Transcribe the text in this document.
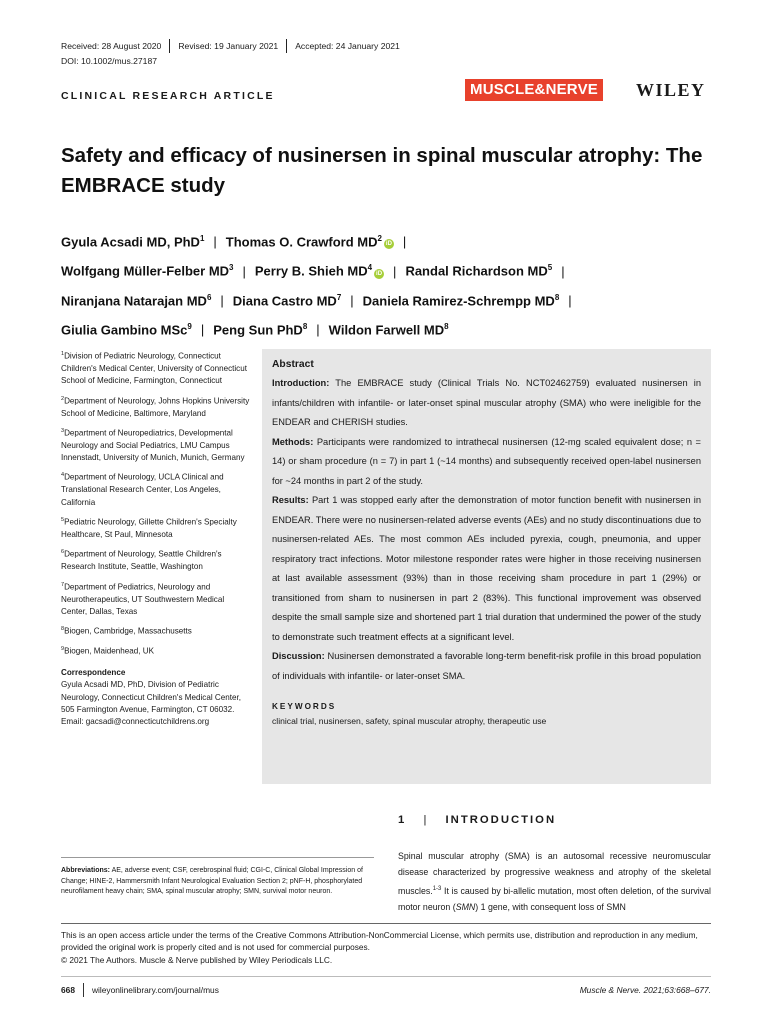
Received: 28 August 2020 Revised: 19 January 2021 Accepted: 24 January 2021
DOI: 10.1002/mus.27187
CLINICAL RESEARCH ARTICLE	MUSCLE&NERVE WILEY
Safety and efficacy of nusinersen in spinal muscular atrophy: The EMBRACE study
Gyula Acsadi MD, PhD$^1$ | Thomas O. Crawford $MD^2iD$ |
Wolfgang Müller-Felber $MD^3$ | Perry B. Shieh $MD^4iD$ | Randal Richardson $MD^5$ |
Niranjana Natarajan $MD^6$ | Diana Castro $MD^7$ | Daniela Ramirez-Schrempp $MD^8$ |
Giulia Gambino MSc$^9$ | Peng Sun PhD$^8$ | Wildon Farwell $MD^8$

$^1$Division of Pediatric Neurology, Connecticut Children's Medical Center, University of Connecticut School of Medicine, Farmington, Connecticut

$^2$Department of Neurology, Johns Hopkins University School of Medicine, Baltimore, Maryland

$^3$Department of Neuropediatrics, Developmental Neurology and Social Pediatrics, LMU Campus Innenstadt, University of Munich, Munich, Germany

$^4$Department of Neurology, UCLA Clinical and Translational Research Center, Los Angeles, California

$^5$Pediatric Neurology, Gillette Children's Specialty Healthcare, St Paul, Minnesota

$^6$Department of Neurology, Seattle Children's Research Institute, Seattle, Washington

$^7$Department of Pediatrics, Neurology and Neurotherapeutics, UT Southwestern Medical Center, Dallas, Texas

$^8$Biogen, Cambridge, Massachusetts

$^9$Biogen, Maidenhead, UK

Correspondence
Gyula Acsadi MD, PhD, Division of Pediatric Neurology, Connecticut Children's Medical Center, 505 Farmington Avenue, Farmington, CT 06032.
Email: gacsadi@connecticutchildrens.org
Abstract

Introduction: The EMBRACE study (Clinical Trials No. NCT02462759) evaluated nusinersen in infants/children with infantile- or later-onset spinal muscular atrophy (SMA) who were ineligible for the ENDEAR and CHERISH studies.

Methods: Participants were randomized to intrathecal nusinersen (12-mg scaled equivalent dose; n = 14) or sham procedure (n = 7) in part 1 (~14 months) and subsequently received open-label nusinersen for ~24 months in part 2 of the study.

Results: Part 1 was stopped early after the demonstration of motor function benefit with nusinersen in ENDEAR. There were no nusinersen-related adverse events (AEs) and no study discontinuations due to nusinersen-related AEs. The most common AEs included pyrexia, cough, pneumonia, and upper respiratory tract infections. Motor milestone responder rates were higher in those receiving nusinersen at last available assessment (93%) than in those receiving sham procedure in part 1 (29%) or transitioned from sham to nusinersen in part 2 (83%). This functional improvement was observed despite the small sample size and shortened part 1 trial duration that undermined the power of the study to demonstrate such treatment effects at a significant level.

Discussion: Nusinersen demonstrated a favorable long-term benefit-risk profile in this broad population of individuals with infantile- or later-onset SMA.

KEYWORDS
clinical trial, nusinersen, safety, spinal muscular atrophy, therapeutic use
1 | INTRODUCTION
Spinal muscular atrophy (SMA) is an autosomal recessive neuromuscular disease characterized by progressive weakness and atrophy of the skeletal muscles.$^{1-3}$ It is caused by bi-allelic mutation, most often deletion, of the survival motor neuron (SMN) 1 gene, with consequent loss of SMN
Abbreviations: AE, adverse event; CSF, cerebrospinal fluid; CGI-C, Clinical Global Impression of Change; HINE-2, Hammersmith Infant Neurological Evaluation Section 2; pNF-H, phosphorylated neurofilament heavy chain; SMA, spinal muscular atrophy; SMN, survival motor neuron.
This is an open access article under the terms of the Creative Commons Attribution-NonCommercial License, which permits use, distribution and reproduction in any medium, provided the original work is properly cited and is not used for commercial purposes.
© 2021 The Authors. Muscle & Nerve published by Wiley Periodicals LLC.
668 wileyonlinelibrary.com/journal/mus	Muscle & Nerve. 2021;63:668–677.
